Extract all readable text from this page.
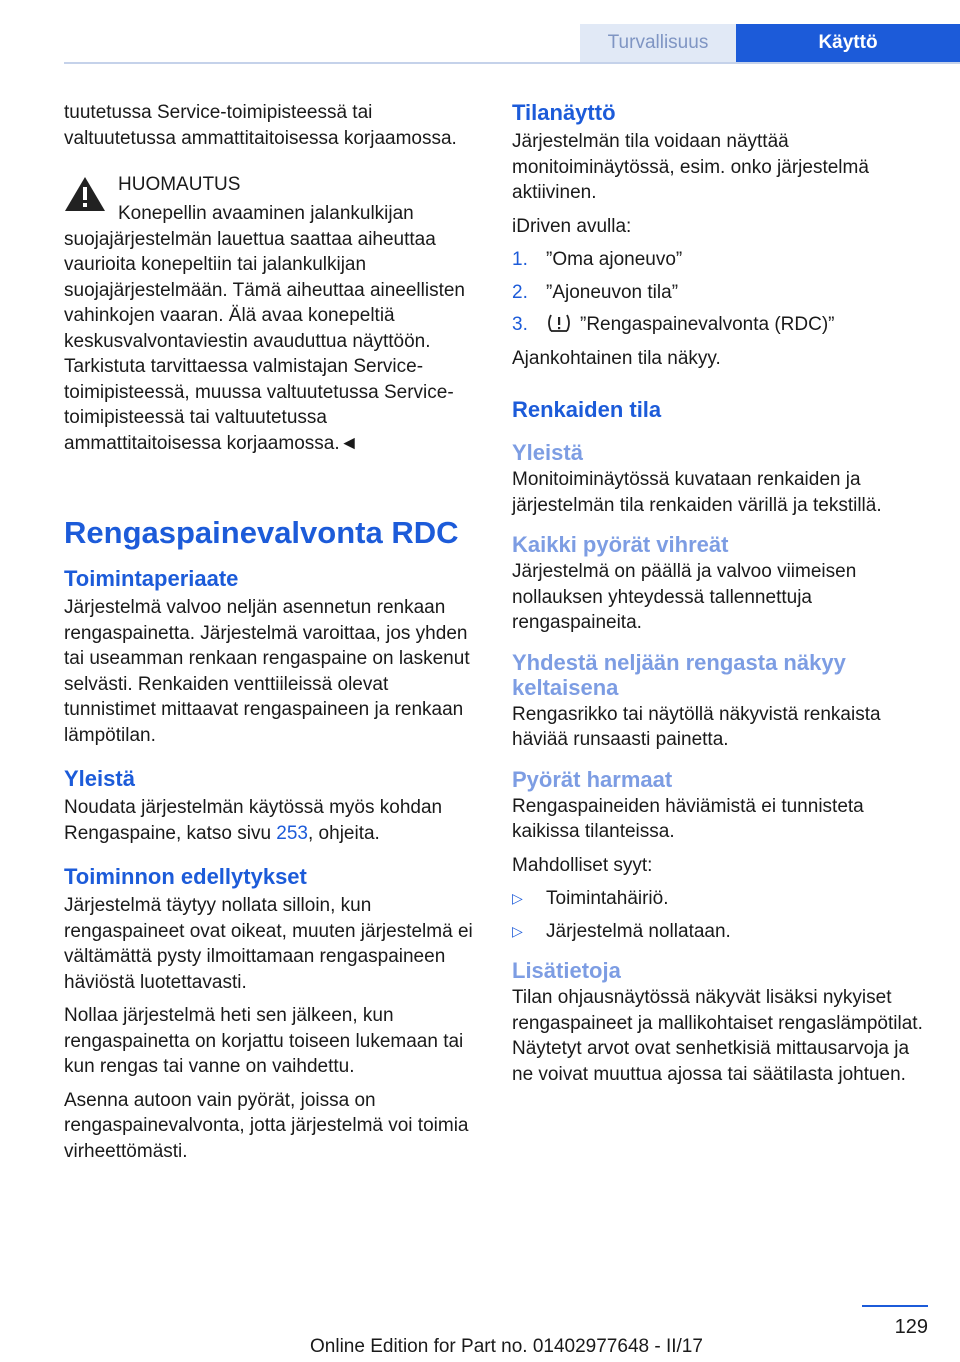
Turvallisuus	Käyttö

tuutetussa Service-toimipisteessä tai valtuutetussa ammattitaitoisessa korjaamossa.

HUOMAUTUS

Konepellin avaaminen jalankulkijan suojajärjestelmän lauettua saattaa aiheuttaa vaurioita konepeltiin tai jalankulkijan suojajärjestelmään. Tämä aiheuttaa aineellisten vahinkojen vaaran. Älä avaa konepeltiä keskusvalvontaviestin avauduttua näyttöön. Tarkistuta tarvittaessa valmistajan Service-toimipisteessä, muussa valtuutetussa Service-toimipisteessä tai valtuutetussa ammattitaitoisessa korjaamossa.◄

Rengaspainevalvonta RDC
Toimintaperiaate

Järjestelmä valvoo neljän asennetun renkaan rengaspainetta. Järjestelmä varoittaa, jos yhden tai useamman renkaan rengaspaine on laskenut selvästi. Renkaiden venttiileissä olevat tunnistimet mittaavat rengaspaineen ja renkaan lämpötilan.

Yleistä

Noudata järjestelmän käytössä myös kohdan Rengaspaine, katso sivu 253, ohjeita.

Toiminnon edellytykset

Järjestelmä täytyy nollata silloin, kun rengaspaineet ovat oikeat, muuten järjestelmä ei vältämättä pysty ilmoittamaan rengaspaineen häviöstä luotettavasti.

Nollaa järjestelmä heti sen jälkeen, kun rengaspainetta on korjattu toiseen lukemaan tai kun rengas tai vanne on vaihdettu.

Asenna autoon vain pyörät, joissa on rengaspainevalvonta, jotta järjestelmä voi toimia virheettömästi.

Tilanäyttö

Järjestelmän tila voidaan näyttää monitoiminäytössä, esim. onko järjestelmä aktiivinen.

iDriven avulla:

1. ”Oma ajoneuvo”
2. ”Ajoneuvon tila”
3.	”Rengaspainevalvonta (RDC)”

Ajankohtainen tila näkyy.

Renkaiden tila
Yleistä

Monitoiminäytössä kuvataan renkaiden ja järjestelmän tila renkaiden värillä ja tekstillä.

Kaikki pyörät vihreät

Järjestelmä on päällä ja valvoo viimeisen nollauksen yhteydessä tallennettuja rengaspaineita.

Yhdestä neljään rengasta näkyy keltaisena

Rengasrikko tai näytöllä näkyvistä renkaista häviää runsaasti painetta.

Pyörät harmaat

Rengaspaineiden häviämistä ei tunnisteta kaikissa tilanteissa.

Mahdolliset syyt:

▷	Toimintahäiriö.
▷	Järjestelmä nollataan.
Lisätietoja

Tilan ohjausnäytössä näkyvät lisäksi nykyiset rengaspaineet ja mallikohtaiset rengaslämpötilat. Näytetyt arvot ovat senhetkisiä mittausarvoja ja ne voivat muuttua ajossa tai säätilasta johtuen.

129
Online Edition for Part no. 01402977648 - II/17
